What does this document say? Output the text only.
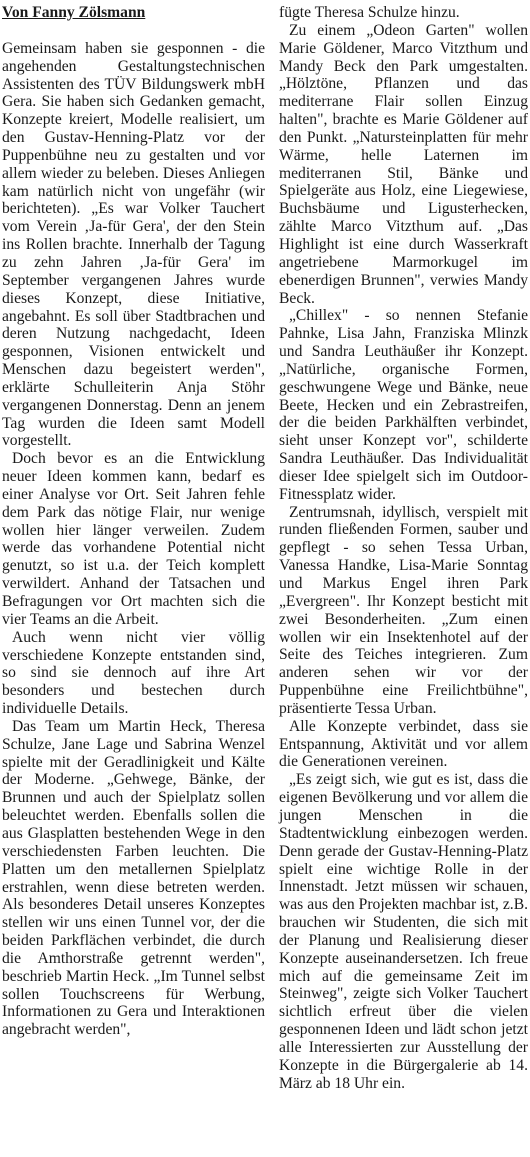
Von Fanny Zölsmann

Gemeinsam haben sie gesponnen - die angehenden Gestaltungstechnischen Assistenten des TÜV Bildungswerk mbH Gera. Sie haben sich Gedanken gemacht, Konzepte kreiert, Modelle realisiert, um den Gustav-Henning-Platz vor der Puppenbühne neu zu gestalten und vor allem wieder zu beleben. Dieses Anliegen kam natürlich nicht von ungefähr (wir berichteten). „Es war Volker Tauchert vom Verein ‚Ja-für Gera', der den Stein ins Rollen brachte. Innerhalb der Tagung zu zehn Jahren ‚Ja-für Gera' im September vergangenen Jahres wurde dieses Konzept, diese Initiative, angebahnt. Es soll über Stadtbrachen und deren Nutzung nachgedacht, Ideen gesponnen, Visionen entwickelt und Menschen dazu begeistert werden", erklärte Schulleiterin Anja Stöhr vergangenen Donnerstag. Denn an jenem Tag wurden die Ideen samt Modell vorgestellt.

Doch bevor es an die Entwicklung neuer Ideen kommen kann, bedarf es einer Analyse vor Ort. Seit Jahren fehle dem Park das nötige Flair, nur wenige wollen hier länger verweilen. Zudem werde das vorhandene Potential nicht genutzt, so ist u.a. der Teich komplett verwildert. Anhand der Tatsachen und Befragungen vor Ort machten sich die vier Teams an die Arbeit.

Auch wenn nicht vier völlig verschiedene Konzepte entstanden sind, so sind sie dennoch auf ihre Art besonders und bestechen durch individuelle Details.

Das Team um Martin Heck, Theresa Schulze, Jane Lage und Sabrina Wenzel spielte mit der Geradlinigkeit und Kälte der Moderne. „Gehwege, Bänke, der Brunnen und auch der Spielplatz sollen beleuchtet werden. Ebenfalls sollen die aus Glasplatten bestehenden Wege in den verschiedensten Farben leuchten. Die Platten um den metallernen Spielplatz erstrahlen, wenn diese betreten werden. Als besonderes Detail unseres Konzeptes stellen wir uns einen Tunnel vor, der die beiden Parkflächen verbindet, die durch die Amthorstraße getrennt werden", beschrieb Martin Heck. „Im Tunnel selbst sollen Touchscreens für Werbung, Informationen zu Gera und Interaktionen angebracht werden",

fügte Theresa Schulze hinzu.

Zu einem „Odeon Garten" wollen Marie Göldener, Marco Vitzthum und Mandy Beck den Park umgestalten. „Hölztöne, Pflanzen und das mediterrane Flair sollen Einzug halten", brachte es Marie Göldener auf den Punkt. „Natursteinplatten für mehr Wärme, helle Laternen im mediterranen Stil, Bänke und Spielgeräte aus Holz, eine Liegewiese, Buchsbäume und Ligusterhecken, zählte Marco Vitzthum auf. „Das Highlight ist eine durch Wasserkraft angetriebene Marmorkugel im ebenerdigen Brunnen", verwies Mandy Beck.

„Chillex" - so nennen Stefanie Pahnke, Lisa Jahn, Franziska Mlinzk und Sandra Leuthäußer ihr Konzept. „Natürliche, organische Formen, geschwungene Wege und Bänke, neue Beete, Hecken und ein Zebrastreifen, der die beiden Parkhälften verbindet, sieht unser Konzept vor", schilderte Sandra Leuthäußer. Das Individualität dieser Idee spielgelt sich im Outdoor-Fitnessplatz wider.

Zentrumsnah, idyllisch, verspielt mit runden fließenden Formen, sauber und gepflegt - so sehen Tessa Urban, Vanessa Handke, Lisa-Marie Sonntag und Markus Engel ihren Park „Evergreen". Ihr Konzept besticht mit zwei Besonderheiten. „Zum einen wollen wir ein Insektenhotel auf der Seite des Teiches integrieren. Zum anderen sehen wir vor der Puppenbühne eine Freilichtbühne", präsentierte Tessa Urban.

Alle Konzepte verbindet, dass sie Entspannung, Aktivität und vor allem die Generationen vereinen.

„Es zeigt sich, wie gut es ist, dass die eigenen Bevölkerung und vor allem die jungen Menschen in die Stadtentwicklung einbezogen werden. Denn gerade der Gustav-Henning-Platz spielt eine wichtige Rolle in der Innenstadt. Jetzt müssen wir schauen, was aus den Projekten machbar ist, z.B. brauchen wir Studenten, die sich mit der Planung und Realisierung dieser Konzepte auseinandersetzen. Ich freue mich auf die gemeinsame Zeit im Steinweg", zeigte sich Volker Tauchert sichtlich erfreut über die vielen gesponnenen Ideen und lädt schon jetzt alle Interessierten zur Ausstellung der Konzepte in die Bürgergalerie ab 14. März ab 18 Uhr ein.
